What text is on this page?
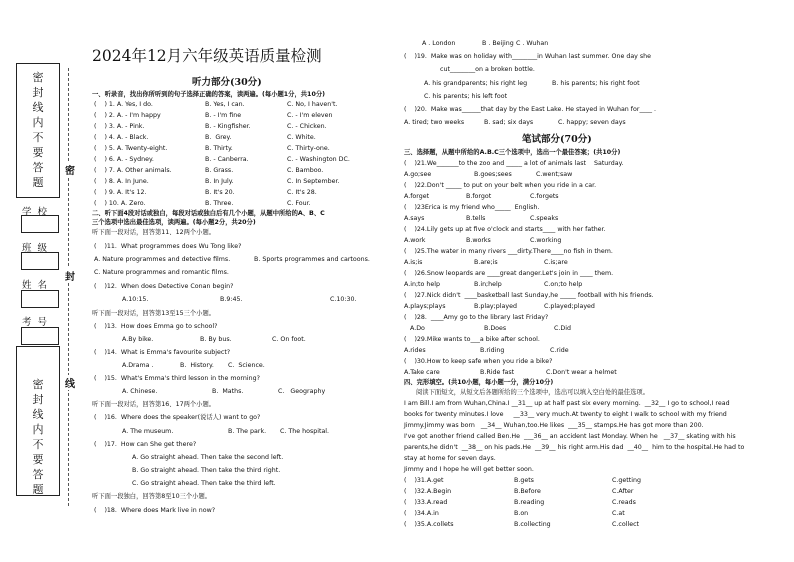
密
封
线
内
不
要
答
题
学  校
班  级
姓  名
考  号
密
封
线
内
不
要
答
题
密
封
线
2024年12月六年级英语质量检测
听力部分(30分)
一、听录音，找出你所听到的句子选择正确的答案，读两遍。(每小题1分，共10分)
(    ) 1. A. Yes, I do.	B. Yes, I can.	C. No, I haven't.
(    ) 2. A. - I'm happy	B. - I'm fine	C. - I'm eleven
(    ) 3. A. - Pink.	B. - Kingfisher.	C. - Chicken.
(    ) 4. A. - Black.	B.  Grey.	C. White.
(    ) 5. A. Twenty-eight.	B. Thirty.	C. Thirty-one.
(    ) 6. A. - Sydney.	B. - Canberra.	C. - Washington DC.
(    ) 7. A. Other animals.	B. Grass.	C. Bamboo.
(    ) 8. A. In June.	B. In July.	C. In September.
(    ) 9. A. It's 12.	B. It's 20.	C. It's 28.
(    ) 10. A. Zero.	B. Three.	C. Four.
二、听下面4段对话或独白，每段对话或独白后有几个小题，从题中所给的A、B、C
三个选项中选出最佳选项，读两遍。(每小题2分，共20分)
听下面一段对话，回答第11、12两个小题。
(    )11.  What programmes does Wu Tong like?
A. Nature programmes and detective films.	B. Sports programmes and cartoons.
C. Nature programmes and romantic films.
(    )12.  When does Detective Conan begin?
A.10:15.	B.9:45.	C.10:30.
听下面一段对话，回答第13至15三个小题。
(    )13.  How does Emma go to school?
A.By bike.	B. By bus.	C. On foot.
(    )14.  What is Emma's favourite subject?
A.Drama .	B.  History. C.  Science.
(    )15.  What's Emma's third lesson in the morning?
A. Chinese.	B.  Maths.	C.   Geography
听下面一段对话，回答第16、17两个小题。
(    )16.  Where does the speaker(说话人) want to go?
A. The museum.	B. The park. C. The hospital.
(    )17.  How can She get there?
A. Go straight ahead. Then take the second left.
B. Go straight ahead. Then take the third right.
C. Go straight ahead. Then take the third left.
听下面一段独白，回答第8至10三个小题。
(    )18.  Where does Mark live in now?
A . London	B . Beijing C . Wuhan
(    )19.  Make was on holiday with________in Wuhan last summer. One day she
cut________on a broken bottle.
A. his grandparents; his right leg	B. his parents; his right foot
C. his parents; his left foot
(    )20.  Make was______that day by the East Lake. He stayed in Wuhan for____ .
A. tired; two weeks	B. sad; six days	C. happy; seven days
笔试部分(70分)
三、选择题，从题中所给的A.B.C三个选项中，选出一个最佳答案；(共10分)
(    )21.We_______to the zoo and _____ a lot of animals last    Saturday.
A.go;see	B.goes;sees	C.went;saw
(    )22.Don't _____ to put on your belt when you ride in a car.
A.forget	B.forgot	C.forgets
(    )23Erica is my friend who_____  English.
A.says	B.tells	C.speaks
(    )24.Lily gets up at five o'clock and starts____ with her father.
A.work	B.works	C.working
(    )25.The water in many rivers ___dirty.There____no fish in them.
A.is;is	B.are;is	C.is;are
(    )26.Snow leopards are ____great danger.Let's join in ____ them.
A.in;to help	B.in;help	C.on;to help
(    )27.Nick didn't  ____basketball last Sunday,he _____ football with his friends.
A.plays;plays	B.play;played	C.played;played
(    )28.  ____Amy go to the library last Friday?
A.Do	B.Does	C.Did
(    )29.Mike wants to___a bike after school.
A.rides	B.riding	C.ride
(    )30.How to keep safe when you ride a bike?
A.Take care	B.Ride fast	C.Don't wear a helmet
四、完形填空。(共10小题，每小题一分，满分10分)
阅读下面短文，从短文后各题所给的三个选项中，选出可以填入空白处的最佳选项。
I am Bill.I am from Wuhan,China.I __31__ up at half past six every morning.  __32__ I go to school,I read
books for twenty minutes.I love     __33__ very much.At twenty to eight I walk to school with my friend
Jimmy.Jimmy was born   __34__ Wuhan,too.He likes  ___35__ stamps.He has got more than 200.
I've got another friend called Ben.He  ___36__ an accident last Monday. When he   __37__ skating with his
parents,he didn't  __38__ on his pads.He  __39__ his right arm.His dad  __40__  him to the hospital.He had to
stay at home for seven days.
Jimmy and I hope he will get better soon.
(    )31.A.get	B.gets	C.getting
(    )32.A.Begin	B.Before	C.After
(    )33.A.read	B.reading	C.reads
(    )34.A.in	B.on	C.at
(    )35.A.collets	B.collecting	C.collect
